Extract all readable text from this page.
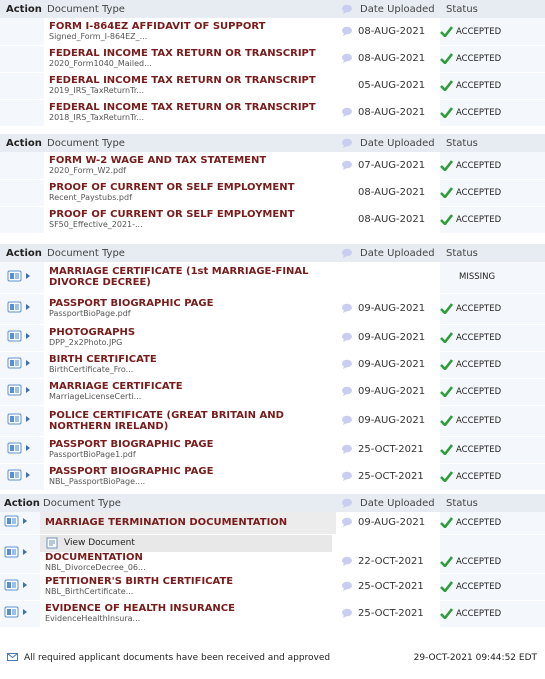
Action	Document Type		Date Uploaded	Status

	FORM I-864EZ AFFIDAVIT OF SUPPORT
Signed_Form_I-864EZ_...		08-AUG-2021	ACCEPTED

	FEDERAL INCOME TAX RETURN OR TRANSCRIPT
2020_Form1040_Mailed...		08-AUG-2021	ACCEPTED

	FEDERAL INCOME TAX RETURN OR TRANSCRIPT
2019_IRS_TaxReturnTr...		05-AUG-2021	ACCEPTED

	FEDERAL INCOME TAX RETURN OR TRANSCRIPT
2018_IRS_TaxReturnTr...		08-AUG-2021	ACCEPTED
Action	Document Type		Date Uploaded	Status

	FORM W-2 WAGE AND TAX STATEMENT
2020_Form_W2.pdf		07-AUG-2021	ACCEPTED

	PROOF OF CURRENT OR SELF EMPLOYMENT
Recent_Paystubs.pdf		08-AUG-2021	ACCEPTED

	PROOF OF CURRENT OR SELF EMPLOYMENT
SF50_Effective_2021-...		08-AUG-2021	ACCEPTED
Action	Document Type		Date Uploaded	Status

MARRIAGE CERTIFICATE (1st MARRIAGE-FINAL DIVORCE DECREE)			MISSING

PASSPORT BIOGRAPHIC PAGE
PassportBioPage.pdf		09-AUG-2021	ACCEPTED

PHOTOGRAPHS
DPP_2x2Photo.JPG		09-AUG-2021	ACCEPTED

BIRTH CERTIFICATE
BirthCertificate_Fro...		09-AUG-2021	ACCEPTED

MARRIAGE CERTIFICATE
MarriageLicenseCerti...		09-AUG-2021	ACCEPTED

POLICE CERTIFICATE (GREAT BRITAIN AND NORTHERN IRELAND)		09-AUG-2021	ACCEPTED

PASSPORT BIOGRAPHIC PAGE
PassportBioPage1.pdf		25-OCT-2021	ACCEPTED

PASSPORT BIOGRAPHIC PAGE
NBL_PassportBioPage....		25-OCT-2021	ACCEPTED
Action	Document Type		Date Uploaded	Status

MARRIAGE TERMINATION DOCUMENTATION		09-AUG-2021	ACCEPTED

View Document
DOCUMENTATION
NBL_DivorceDecree_06...		22-OCT-2021	ACCEPTED

PETITIONER'S BIRTH CERTIFICATE
NBL_BirthCertificate...		25-OCT-2021	ACCEPTED

EVIDENCE OF HEALTH INSURANCE
EvidenceHealthInsura...		25-OCT-2021	ACCEPTED
All required applicant documents have been received and approved	29-OCT-2021 09:44:52 EDT
